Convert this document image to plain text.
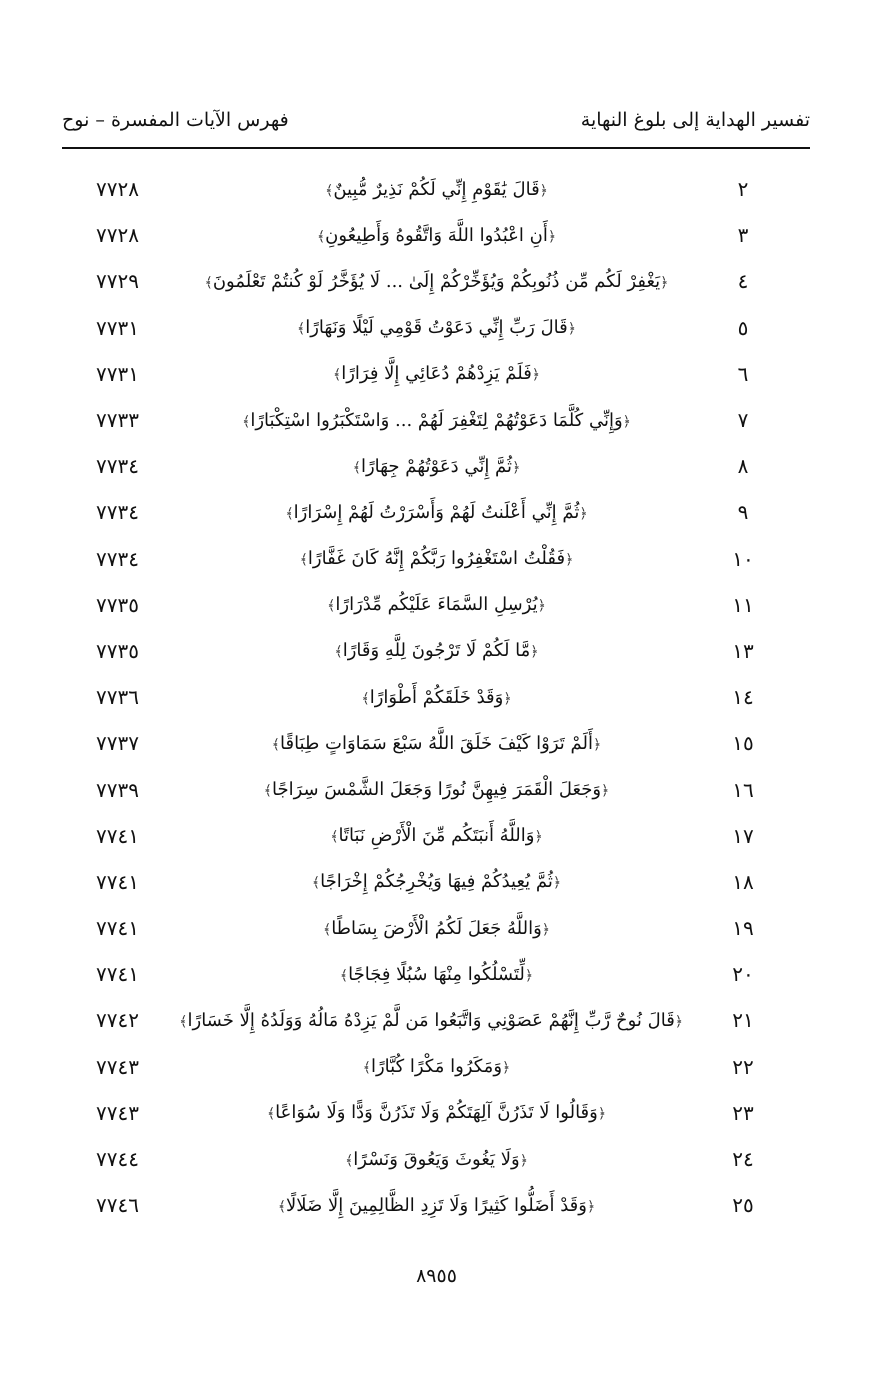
تفسير الهداية إلى بلوغ النهاية
فهرس الآيات المفسرة – نوح
٢
﴿قَالَ يَٰقَوْمِ إِنِّي لَكُمْ نَذِيرٌ مُّبِينٌ﴾
٧٧٢٨
٣
﴿أَنِ اعْبُدُوا اللَّهَ وَاتَّقُوهُ وَأَطِيعُونِ﴾
٧٧٢٨
٤
﴿يَغْفِرْ لَكُم مِّن ذُنُوبِكُمْ وَيُؤَخِّرْكُمْ إِلَىٰ ... لَا يُؤَخَّرُ لَوْ كُنتُمْ تَعْلَمُونَ﴾
٧٧٢٩
٥
﴿قَالَ رَبِّ إِنِّي دَعَوْتُ قَوْمِي لَيْلًا وَنَهَارًا﴾
٧٧٣١
٦
﴿فَلَمْ يَزِدْهُمْ دُعَائِي إِلَّا فِرَارًا﴾
٧٧٣١
٧
﴿وَإِنِّي كُلَّمَا دَعَوْتُهُمْ لِتَغْفِرَ لَهُمْ ... وَاسْتَكْبَرُوا اسْتِكْبَارًا﴾
٧٧٣٣
٨
﴿ثُمَّ إِنِّي دَعَوْتُهُمْ جِهَارًا﴾
٧٧٣٤
٩
﴿ثُمَّ إِنِّي أَعْلَنتُ لَهُمْ وَأَسْرَرْتُ لَهُمْ إِسْرَارًا﴾
٧٧٣٤
١٠
﴿فَقُلْتُ اسْتَغْفِرُوا رَبَّكُمْ إِنَّهُ كَانَ غَفَّارًا﴾
٧٧٣٤
١١
﴿يُرْسِلِ السَّمَاءَ عَلَيْكُم مِّدْرَارًا﴾
٧٧٣٥
١٣
﴿مَّا لَكُمْ لَا تَرْجُونَ لِلَّهِ وَقَارًا﴾
٧٧٣٥
١٤
﴿وَقَدْ خَلَقَكُمْ أَطْوَارًا﴾
٧٧٣٦
١٥
﴿أَلَمْ تَرَوْا كَيْفَ خَلَقَ اللَّهُ سَبْعَ سَمَاوَاتٍ طِبَاقًا﴾
٧٧٣٧
١٦
﴿وَجَعَلَ الْقَمَرَ فِيهِنَّ نُورًا وَجَعَلَ الشَّمْسَ سِرَاجًا﴾
٧٧٣٩
١٧
﴿وَاللَّهُ أَنبَتَكُم مِّنَ الْأَرْضِ نَبَاتًا﴾
٧٧٤١
١٨
﴿ثُمَّ يُعِيدُكُمْ فِيهَا وَيُخْرِجُكُمْ إِخْرَاجًا﴾
٧٧٤١
١٩
﴿وَاللَّهُ جَعَلَ لَكُمُ الْأَرْضَ بِسَاطًا﴾
٧٧٤١
٢٠
﴿لِّتَسْلُكُوا مِنْهَا سُبُلًا فِجَاجًا﴾
٧٧٤١
٢١
﴿قَالَ نُوحٌ رَّبِّ إِنَّهُمْ عَصَوْنِي وَاتَّبَعُوا مَن لَّمْ يَزِدْهُ مَالُهُ وَوَلَدُهُ إِلَّا خَسَارًا﴾
٧٧٤٢
٢٢
﴿وَمَكَرُوا مَكْرًا كُبَّارًا﴾
٧٧٤٣
٢٣
﴿وَقَالُوا لَا تَذَرُنَّ آلِهَتَكُمْ وَلَا تَذَرُنَّ وَدًّا وَلَا سُوَاعًا﴾
٧٧٤٣
٢٤
﴿وَلَا يَغُوثَ وَيَعُوقَ وَنَسْرًا﴾
٧٧٤٤
٢٥
﴿وَقَدْ أَضَلُّوا كَثِيرًا وَلَا تَزِدِ الظَّالِمِينَ إِلَّا ضَلَالًا﴾
٧٧٤٦
٨٩٥٥
